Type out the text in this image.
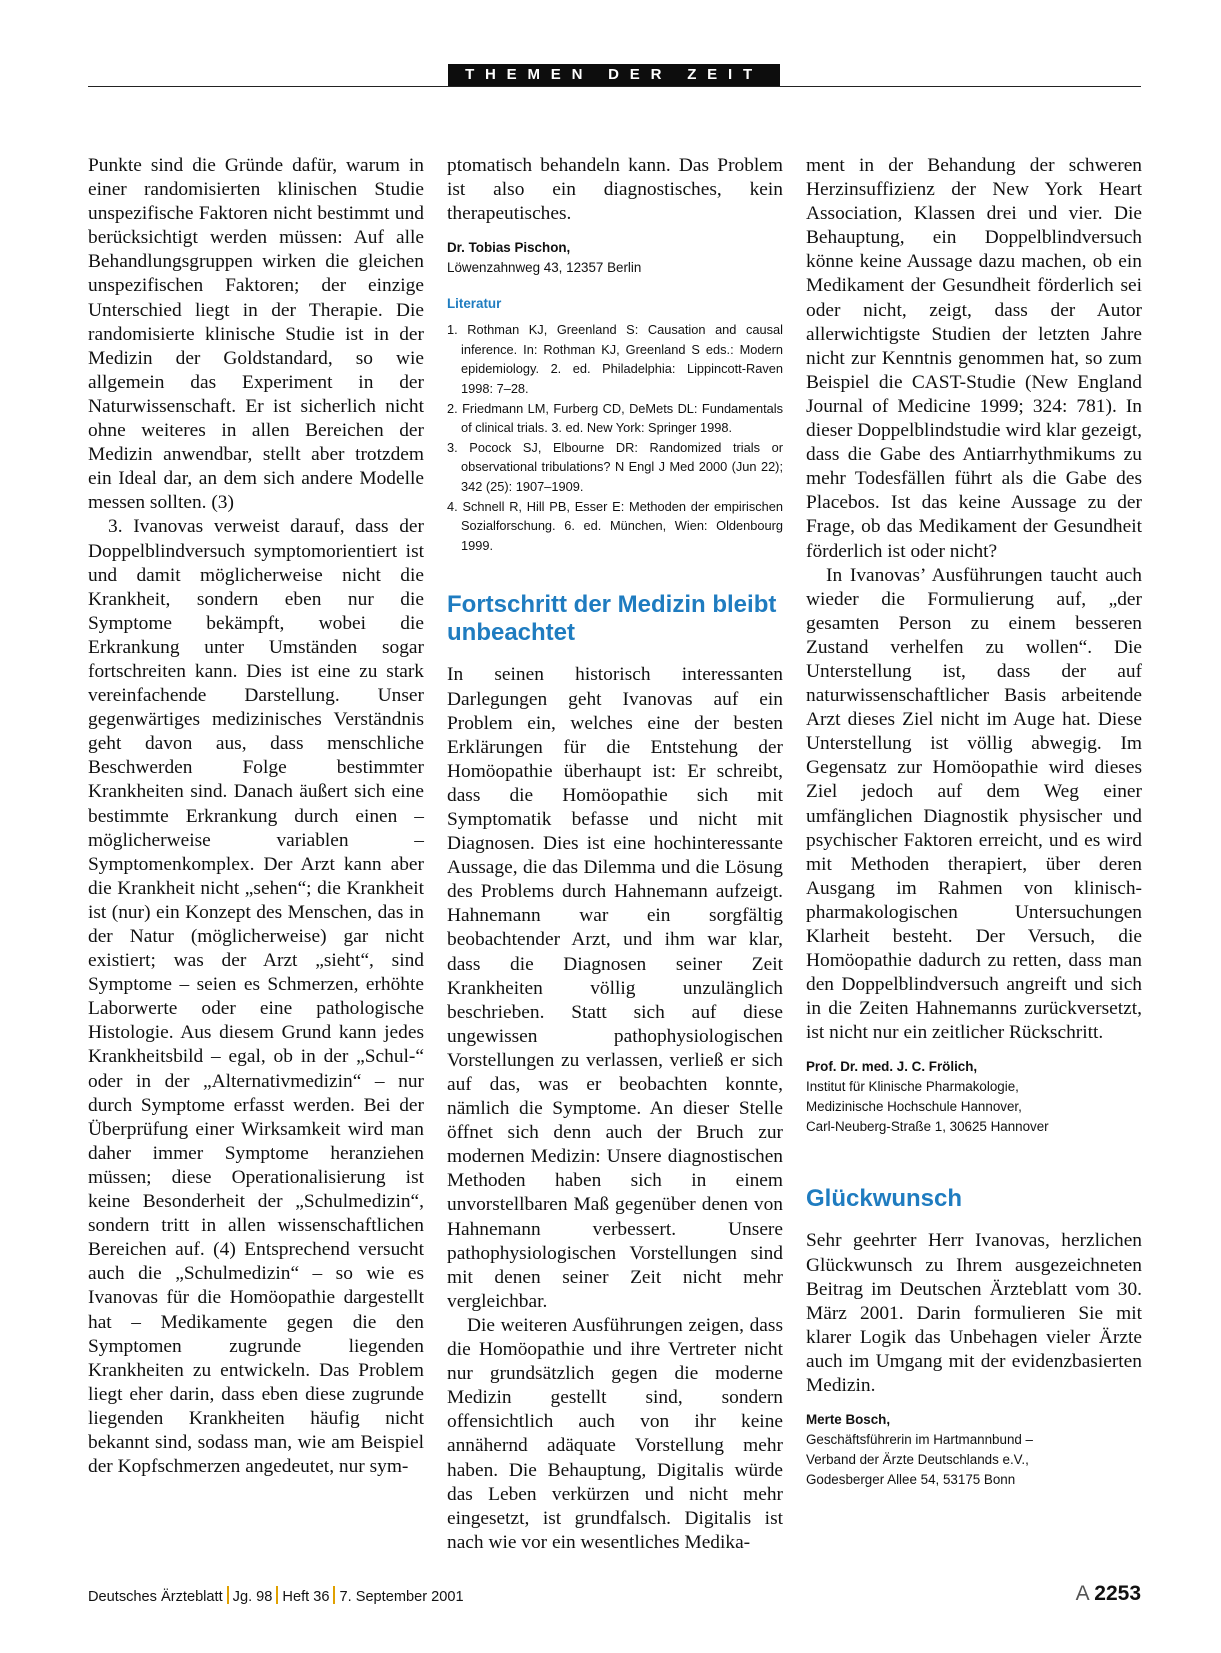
THEMEN DER ZEIT

Punkte sind die Gründe dafür, warum in einer randomisierten klinischen Studie unspezifische Faktoren nicht bestimmt und berücksichtigt werden müssen: Auf alle Behandlungsgruppen wirken die gleichen unspezifischen Faktoren; der einzige Unterschied liegt in der Therapie. Die randomisierte klinische Studie ist in der Medizin der Goldstandard, so wie allgemein das Experiment in der Naturwissenschaft. Er ist sicherlich nicht ohne weiteres in allen Bereichen der Medizin anwendbar, stellt aber trotzdem ein Ideal dar, an dem sich andere Modelle messen sollten. (3)

3. Ivanovas verweist darauf, dass der Doppelblindversuch symptomorientiert ist und damit möglicherweise nicht die Krankheit, sondern eben nur die Symptome bekämpft, wobei die Erkrankung unter Umständen sogar fortschreiten kann. Dies ist eine zu stark vereinfachende Darstellung. Unser gegenwärtiges medizinisches Verständnis geht davon aus, dass menschliche Beschwerden Folge bestimmter Krankheiten sind. Danach äußert sich eine bestimmte Erkrankung durch einen – möglicherweise variablen – Symptomenkomplex. Der Arzt kann aber die Krankheit nicht „sehen“; die Krankheit ist (nur) ein Konzept des Menschen, das in der Natur (möglicherweise) gar nicht existiert; was der Arzt „sieht“, sind Symptome – seien es Schmerzen, erhöhte Laborwerte oder eine pathologische Histologie. Aus diesem Grund kann jedes Krankheitsbild – egal, ob in der „Schul-“ oder in der „Alternativmedizin“ – nur durch Symptome erfasst werden. Bei der Überprüfung einer Wirksamkeit wird man daher immer Symptome heranziehen müssen; diese Operationalisierung ist keine Besonderheit der „Schulmedizin“, sondern tritt in allen wissenschaftlichen Bereichen auf. (4) Entsprechend versucht auch die „Schulmedizin“ – so wie es Ivanovas für die Homöopathie dargestellt hat – Medikamente gegen die den Symptomen zugrunde liegenden Krankheiten zu entwickeln. Das Problem liegt eher darin, dass eben diese zugrunde liegenden Krankheiten häufig nicht bekannt sind, sodass man, wie am Beispiel der Kopfschmerzen angedeutet, nur sym-

ptomatisch behandeln kann. Das Problem ist also ein diagnostisches, kein therapeutisches.

Dr. Tobias Pischon,

Löwenzahnweg 43, 12357 Berlin

Literatur

1. Rothman KJ, Greenland S: Causation and causal inference. In: Rothman KJ, Greenland S eds.: Modern epidemiology. 2. ed. Philadelphia: Lippincott-Raven 1998: 7–28.
2. Friedmann LM, Furberg CD, DeMets DL: Fundamentals of clinical trials. 3. ed. New York: Springer 1998.
3. Pocock SJ, Elbourne DR: Randomized trials or observational tribulations? N Engl J Med 2000 (Jun 22); 342 (25): 1907–1909.
4. Schnell R, Hill PB, Esser E: Methoden der empirischen Sozialforschung. 6. ed. München, Wien: Oldenbourg 1999.
Fortschritt der Medizin bleibt unbeachtet

In seinen historisch interessanten Darlegungen geht Ivanovas auf ein Problem ein, welches eine der besten Erklärungen für die Entstehung der Homöopathie überhaupt ist: Er schreibt, dass die Homöopathie sich mit Symptomatik befasse und nicht mit Diagnosen. Dies ist eine hochinteressante Aussage, die das Dilemma und die Lösung des Problems durch Hahnemann aufzeigt. Hahnemann war ein sorgfältig beobachtender Arzt, und ihm war klar, dass die Diagnosen seiner Zeit Krankheiten völlig unzulänglich beschrieben. Statt sich auf diese ungewissen pathophysiologischen Vorstellungen zu verlassen, verließ er sich auf das, was er beobachten konnte, nämlich die Symptome. An dieser Stelle öffnet sich denn auch der Bruch zur modernen Medizin: Unsere diagnostischen Methoden haben sich in einem unvorstellbaren Maß gegenüber denen von Hahnemann verbessert. Unsere pathophysiologischen Vorstellungen sind mit denen seiner Zeit nicht mehr vergleichbar.

Die weiteren Ausführungen zeigen, dass die Homöopathie und ihre Vertreter nicht nur grundsätzlich gegen die moderne Medizin gestellt sind, sondern offensichtlich auch von ihr keine annähernd adäquate Vorstellung mehr haben. Die Behauptung, Digitalis würde das Leben verkürzen und nicht mehr eingesetzt, ist grundfalsch. Digitalis ist nach wie vor ein wesentliches Medika-

ment in der Behandung der schweren Herzinsuffizienz der New York Heart Association, Klassen drei und vier. Die Behauptung, ein Doppelblindversuch könne keine Aussage dazu machen, ob ein Medikament der Gesundheit förderlich sei oder nicht, zeigt, dass der Autor allerwichtigste Studien der letzten Jahre nicht zur Kenntnis genommen hat, so zum Beispiel die CAST-Studie (New England Journal of Medicine 1999; 324: 781). In dieser Doppelblindstudie wird klar gezeigt, dass die Gabe des Antiarrhythmikums zu mehr Todesfällen führt als die Gabe des Placebos. Ist das keine Aussage zu der Frage, ob das Medikament der Gesundheit förderlich ist oder nicht?

In Ivanovas’ Ausführungen taucht auch wieder die Formulierung auf, „der gesamten Person zu einem besseren Zustand verhelfen zu wollen“. Die Unterstellung ist, dass der auf naturwissenschaftlicher Basis arbeitende Arzt dieses Ziel nicht im Auge hat. Diese Unterstellung ist völlig abwegig. Im Gegensatz zur Homöopathie wird dieses Ziel jedoch auf dem Weg einer umfänglichen Diagnostik physischer und psychischer Faktoren erreicht, und es wird mit Methoden therapiert, über deren Ausgang im Rahmen von klinisch-pharmakologischen Untersuchungen Klarheit besteht. Der Versuch, die Homöopathie dadurch zu retten, dass man den Doppelblindversuch angreift und sich in die Zeiten Hahnemanns zurückversetzt, ist nicht nur ein zeitlicher Rückschritt.

Prof. Dr. med. J. C. Frölich,

Institut für Klinische Pharmakologie,

Medizinische Hochschule Hannover,

Carl-Neuberg-Straße 1, 30625 Hannover

Glückwunsch

Sehr geehrter Herr Ivanovas, herzlichen Glückwunsch zu Ihrem ausgezeichneten Beitrag im Deutschen Ärzteblatt vom 30. März 2001. Darin formulieren Sie mit klarer Logik das Unbehagen vieler Ärzte auch im Umgang mit der evidenzbasierten Medizin.

Merte Bosch,

Geschäftsführerin im Hartmannbund –

Verband der Ärzte Deutschlands e.V.,

Godesberger Allee 54, 53175 Bonn

Deutsches Ärzteblatt Jg. 98 Heft 36 7. September 2001	A 2253
